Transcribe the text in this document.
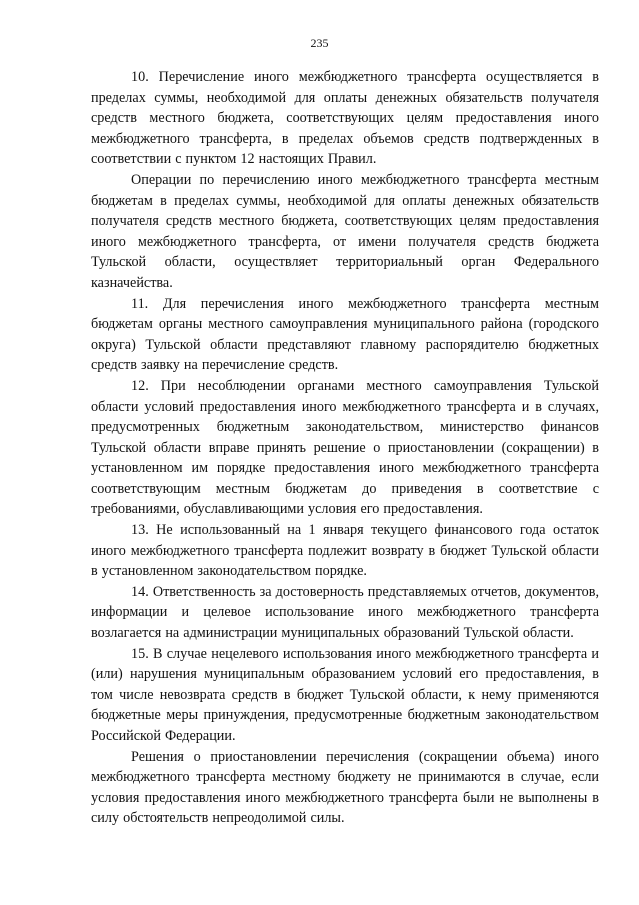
235

10. Перечисление иного межбюджетного трансферта осуществляется в пределах суммы, необходимой для оплаты денежных обязательств получателя средств местного бюджета, соответствующих целям предоставления иного межбюджетного трансферта, в пределах объемов средств подтвержденных в соответствии с пунктом 12 настоящих Правил.

Операции по перечислению иного межбюджетного трансферта местным бюджетам в пределах суммы, необходимой для оплаты денежных обязательств получателя средств местного бюджета, соответствующих целям предоставления иного межбюджетного трансферта, от имени получателя средств бюджета Тульской области, осуществляет территориальный орган Федерального казначейства.

11. Для перечисления иного межбюджетного трансферта местным бюджетам органы местного самоуправления муниципального района (городского округа) Тульской области представляют главному распорядителю бюджетных средств заявку на перечисление средств.

12. При несоблюдении органами местного самоуправления Тульской области условий предоставления иного межбюджетного трансферта и в случаях, предусмотренных бюджетным законодательством, министерство финансов Тульской области вправе принять решение о приостановлении (сокращении) в установленном им порядке предоставления иного межбюджетного трансферта соответствующим местным бюджетам до приведения в соответствие с требованиями, обуславливающими условия его предоставления.

13. Не использованный на 1 января текущего финансового года остаток иного межбюджетного трансферта подлежит возврату в бюджет Тульской области в установленном законодательством порядке.

14. Ответственность за достоверность представляемых отчетов, документов, информации и целевое использование иного межбюджетного трансферта возлагается на администрации муниципальных образований Тульской области.

15. В случае нецелевого использования иного межбюджетного трансферта и (или) нарушения муниципальным образованием условий его предоставления, в том числе невозврата средств в бюджет Тульской области, к нему применяются бюджетные меры принуждения, предусмотренные бюджетным законодательством Российской Федерации.

Решения о приостановлении перечисления (сокращении объема) иного межбюджетного трансферта местному бюджету не принимаются в случае, если условия предоставления иного межбюджетного трансферта были не выполнены в силу обстоятельств непреодолимой силы.
